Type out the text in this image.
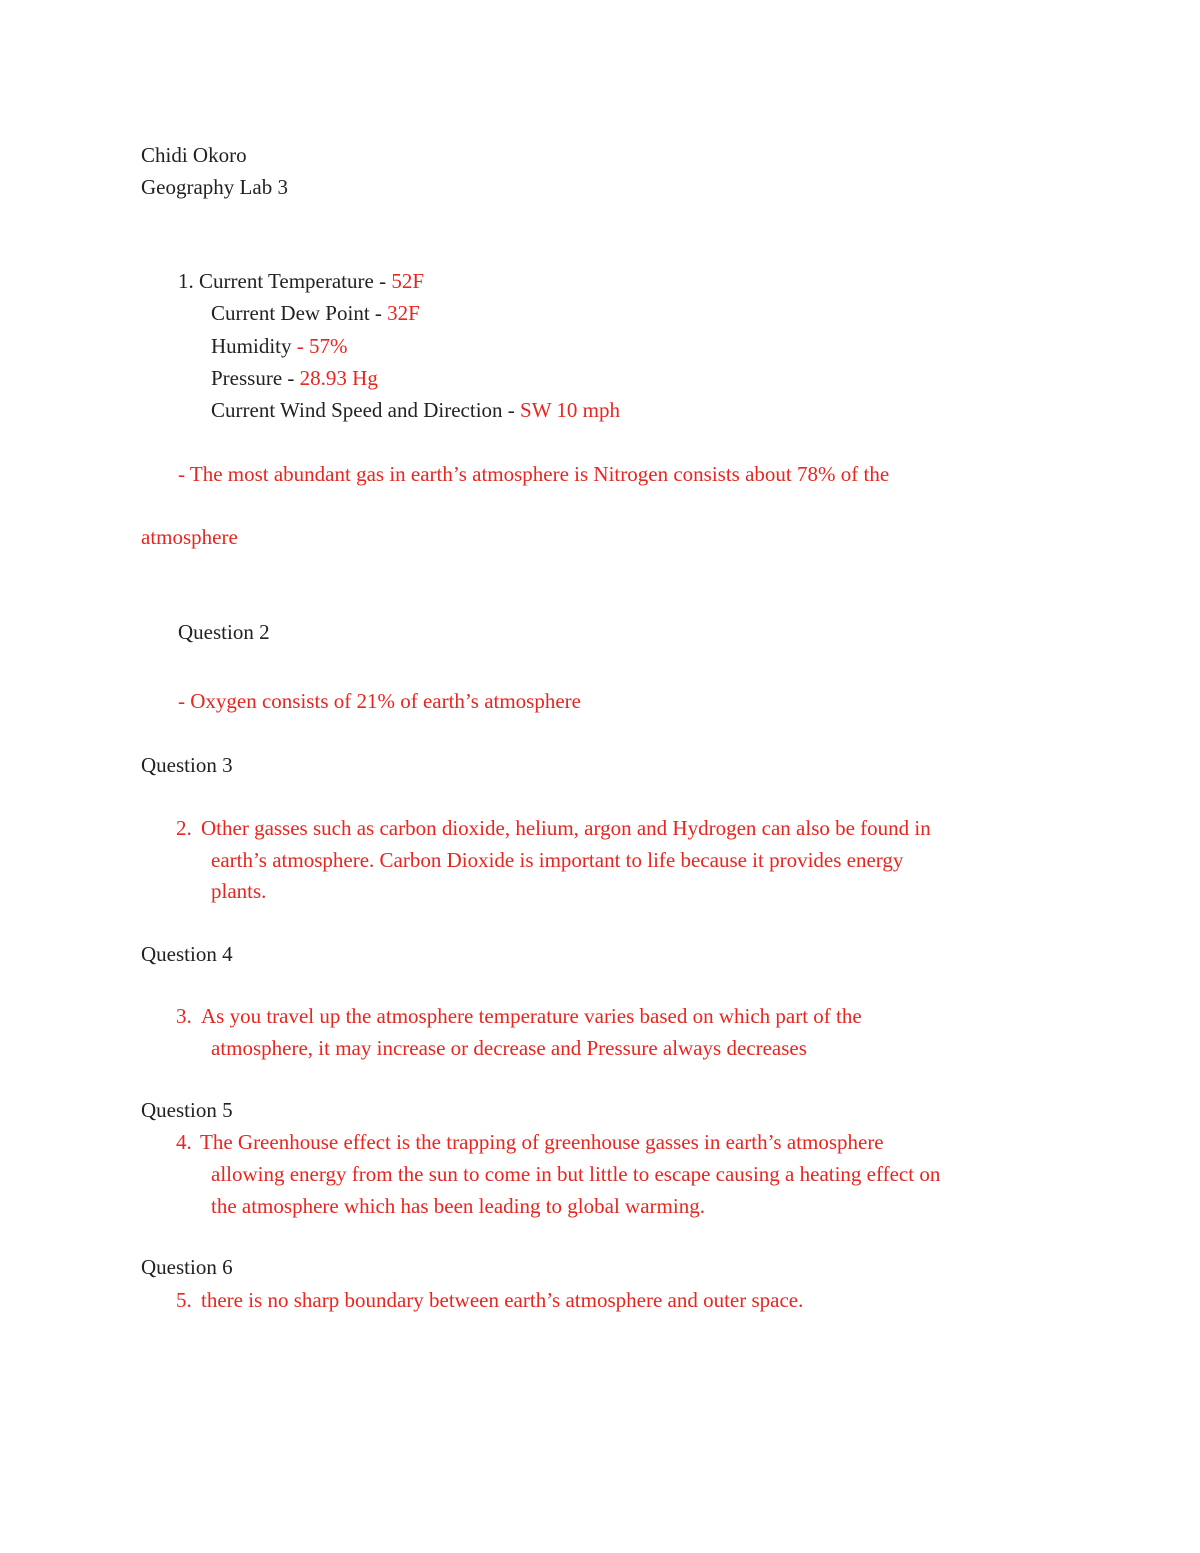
Chidi Okoro
Geography Lab 3
1. Current Temperature - 52F
Current Dew Point - 32F
Humidity - 57%
Pressure - 28.93 Hg
Current Wind Speed and Direction - SW 10 mph
- The most abundant gas in earth’s atmosphere is Nitrogen consists about 78% of the
atmosphere
Question 2
- Oxygen consists of 21% of earth’s atmosphere
Question 3
2. Other gasses such as carbon dioxide, helium, argon and Hydrogen can also be found in
earth’s atmosphere. Carbon Dioxide is important to life because it provides energy
plants.
Question 4
3. As you travel up the atmosphere temperature varies based on which part of the
atmosphere, it may increase or decrease and Pressure always decreases
Question 5
4. The Greenhouse effect is the trapping of greenhouse gasses in earth’s atmosphere
allowing energy from the sun to come in but little to escape causing a heating effect on
the atmosphere which has been leading to global warming.
Question 6
5. there is no sharp boundary between earth’s atmosphere and outer space.
